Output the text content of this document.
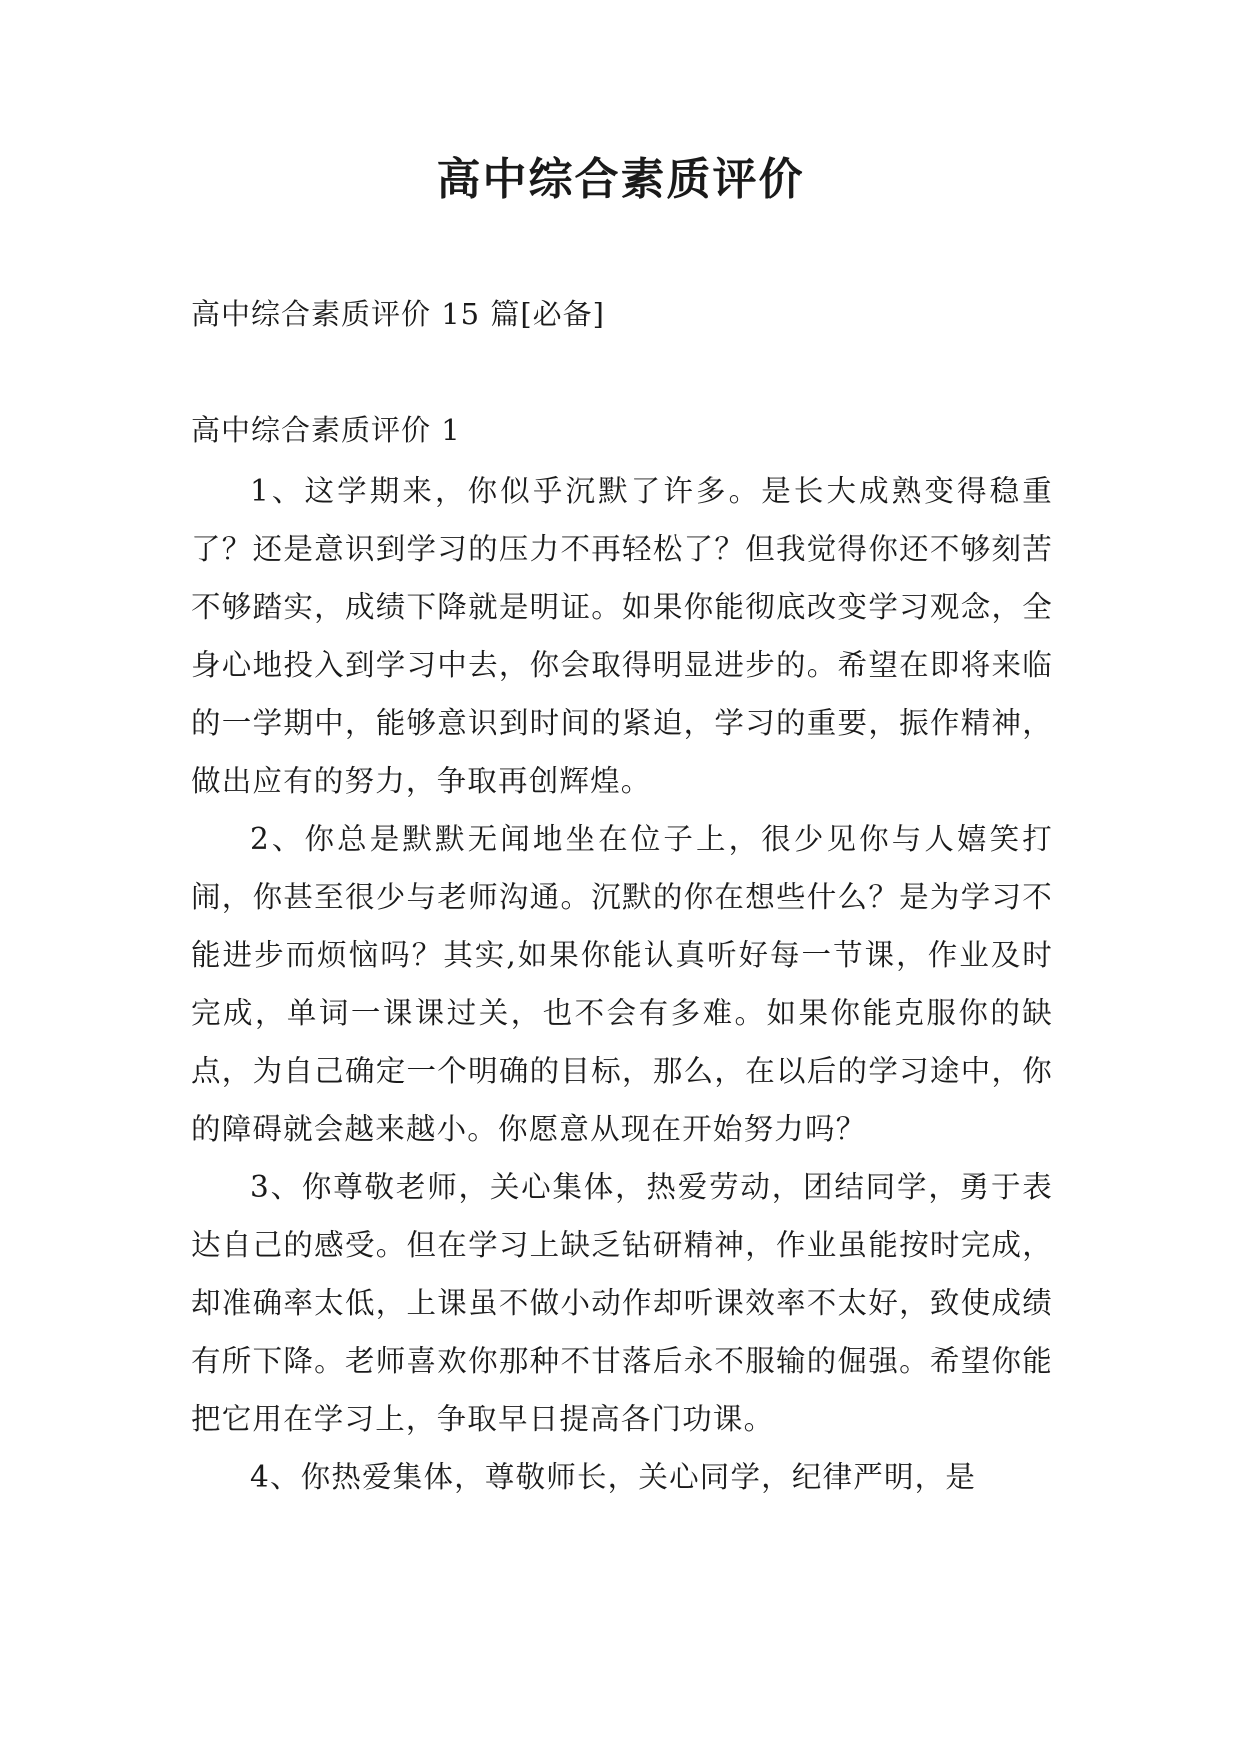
高中综合素质评价

高中综合素质评价 15 篇[必备]

高中综合素质评价 1

1、这学期来，你似乎沉默了许多。是长大成熟变得稳重了？还是意识到学习的压力不再轻松了？但我觉得你还不够刻苦不够踏实，成绩下降就是明证。如果你能彻底改变学习观念，全身心地投入到学习中去，你会取得明显进步的。希望在即将来临的一学期中，能够意识到时间的紧迫，学习的重要，振作精神，做出应有的努力，争取再创辉煌。

2、你总是默默无闻地坐在位子上，很少见你与人嬉笑打闹，你甚至很少与老师沟通。沉默的你在想些什么？是为学习不能进步而烦恼吗？其实,如果你能认真听好每一节课，作业及时完成，单词一课课过关，也不会有多难。如果你能克服你的缺点，为自己确定一个明确的目标，那么，在以后的学习途中，你的障碍就会越来越小。你愿意从现在开始努力吗？

3、你尊敬老师，关心集体，热爱劳动，团结同学，勇于表达自己的感受。但在学习上缺乏钻研精神，作业虽能按时完成，却准确率太低，上课虽不做小动作却听课效率不太好，致使成绩有所下降。老师喜欢你那种不甘落后永不服输的倔强。希望你能把它用在学习上，争取早日提高各门功课。

4、你热爱集体，尊敬师长，关心同学，纪律严明，是
